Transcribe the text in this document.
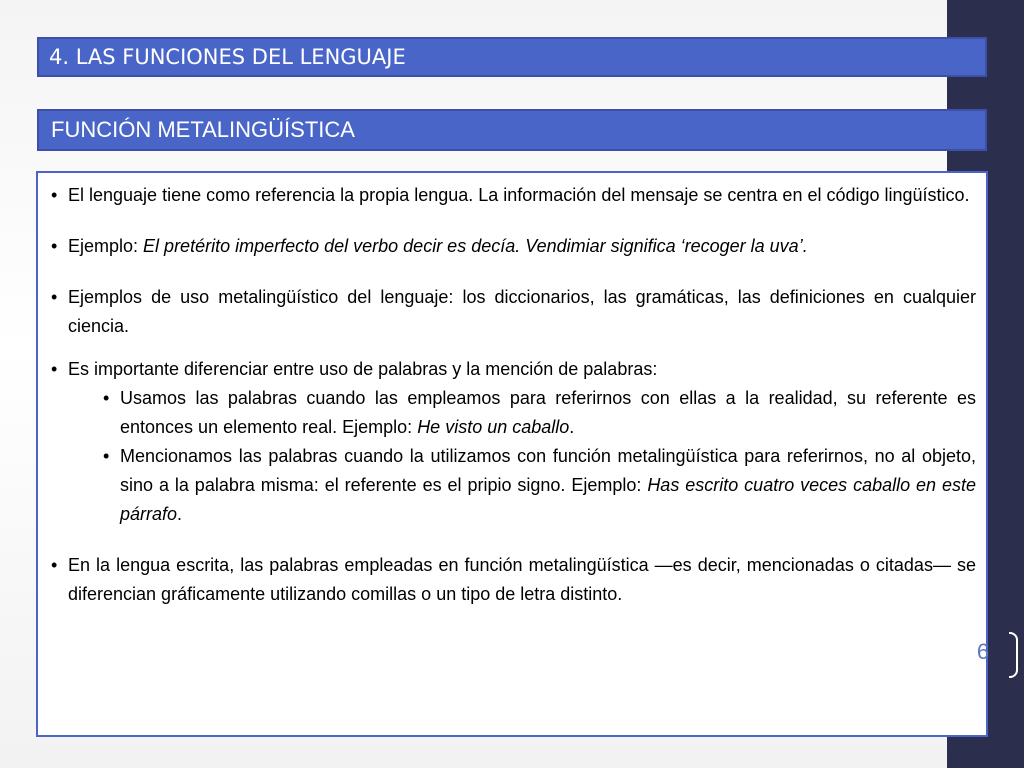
4. LAS FUNCIONES DEL LENGUAJE
FUNCIÓN METALINGÜÍSTICA
• El lenguaje tiene como referencia la propia lengua. La información del mensaje se centra en el código lingüístico.
• Ejemplo: El pretérito imperfecto del verbo decir es decía. Vendimiar significa ‘recoger la uva’.
• Ejemplos de uso metalingüístico del lenguaje: los diccionarios, las gramáticas, las definiciones en cualquier ciencia.
• Es importante diferenciar entre uso de palabras y la mención de palabras:
• Usamos las palabras cuando las empleamos para referirnos con ellas a la realidad, su referente es entonces un elemento real. Ejemplo: He visto un caballo.
• Mencionamos las palabras cuando la utilizamos con función metalingüística para referirnos, no al objeto, sino a la palabra misma: el referente es el pripio signo. Ejemplo: Has escrito cuatro veces caballo en este párrafo.
• En la lengua escrita, las palabras empleadas en función metalingüística —es decir, mencionadas o citadas— se diferencian gráficamente utilizando comillas o un tipo de letra distinto.
6
